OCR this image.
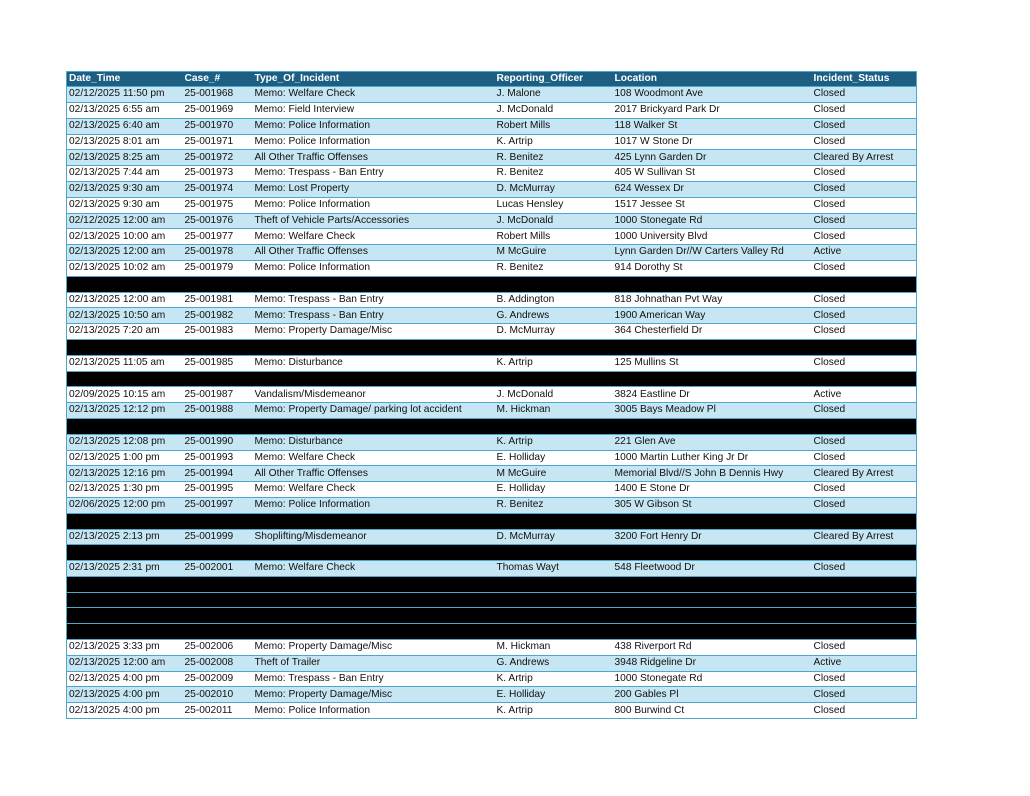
Date_Time	Case_#	Type_Of_Incident	Reporting_Officer	Location	Incident_Status
02/12/2025 11:50 pm	25-001968	Memo: Welfare Check	J. Malone	108 Woodmont Ave	Closed
02/13/2025 6:55 am	25-001969	Memo: Field Interview	J. McDonald	2017 Brickyard Park Dr	Closed
02/13/2025 6:40 am	25-001970	Memo: Police Information	Robert Mills	118 Walker St	Closed
02/13/2025 8:01 am	25-001971	Memo: Police Information	K. Artrip	1017 W Stone Dr	Closed
02/13/2025 8:25 am	25-001972	All Other Traffic Offenses	R. Benitez	425 Lynn Garden Dr	Cleared By Arrest
02/13/2025 7:44 am	25-001973	Memo: Trespass - Ban Entry	R. Benitez	405 W Sullivan St	Closed
02/13/2025 9:30 am	25-001974	Memo: Lost Property	D. McMurray	624 Wessex Dr	Closed
02/13/2025 9:30 am	25-001975	Memo: Police Information	Lucas Hensley	1517 Jessee St	Closed
02/12/2025 12:00 am	25-001976	Theft of Vehicle Parts/Accessories	J. McDonald	1000 Stonegate Rd	Closed
02/13/2025 10:00 am	25-001977	Memo: Welfare Check	Robert Mills	1000 University Blvd	Closed
02/13/2025 12:00 am	25-001978	All Other Traffic Offenses	M McGuire	Lynn Garden Dr//W Carters Valley Rd	Active
02/13/2025 10:02 am	25-001979	Memo: Police Information	R. Benitez	914 Dorothy St	Closed

02/13/2025 12:00 am	25-001981	Memo: Trespass - Ban Entry	B. Addington	818 Johnathan Pvt Way	Closed
02/13/2025 10:50 am	25-001982	Memo: Trespass - Ban Entry	G. Andrews	1900 American Way	Closed
02/13/2025 7:20 am	25-001983	Memo: Property Damage/Misc	D. McMurray	364 Chesterfield Dr	Closed

02/13/2025 11:05 am	25-001985	Memo: Disturbance	K. Artrip	125 Mullins St	Closed

02/09/2025 10:15 am	25-001987	Vandalism/Misdemeanor	J. McDonald	3824 Eastline Dr	Active
02/13/2025 12:12 pm	25-001988	Memo: Property Damage/ parking lot accident	M. Hickman	3005 Bays Meadow Pl	Closed

02/13/2025 12:08 pm	25-001990	Memo: Disturbance	K. Artrip	221 Glen Ave	Closed
02/13/2025 1:00 pm	25-001993	Memo: Welfare Check	E. Holliday	1000 Martin Luther King Jr Dr	Closed
02/13/2025 12:16 pm	25-001994	All Other Traffic Offenses	M McGuire	Memorial Blvd//S John B Dennis Hwy	Cleared By Arrest
02/13/2025 1:30 pm	25-001995	Memo: Welfare Check	E. Holliday	1400 E Stone Dr	Closed
02/06/2025 12:00 pm	25-001997	Memo: Police Information	R. Benitez	305 W Gibson St	Closed

02/13/2025 2:13 pm	25-001999	Shoplifting/Misdemeanor	D. McMurray	3200 Fort Henry Dr	Cleared By Arrest

02/13/2025 2:31 pm	25-002001	Memo: Welfare Check	Thomas Wayt	548 Fleetwood Dr	Closed

02/13/2025 3:33 pm	25-002006	Memo: Property Damage/Misc	M. Hickman	438 Riverport Rd	Closed
02/13/2025 12:00 am	25-002008	Theft of Trailer	G. Andrews	3948 Ridgeline Dr	Active
02/13/2025 4:00 pm	25-002009	Memo: Trespass - Ban Entry	K. Artrip	1000 Stonegate Rd	Closed
02/13/2025 4:00 pm	25-002010	Memo: Property Damage/Misc	E. Holliday	200 Gables Pl	Closed
02/13/2025 4:00 pm	25-002011	Memo: Police Information	K. Artrip	800 Burwind Ct	Closed
